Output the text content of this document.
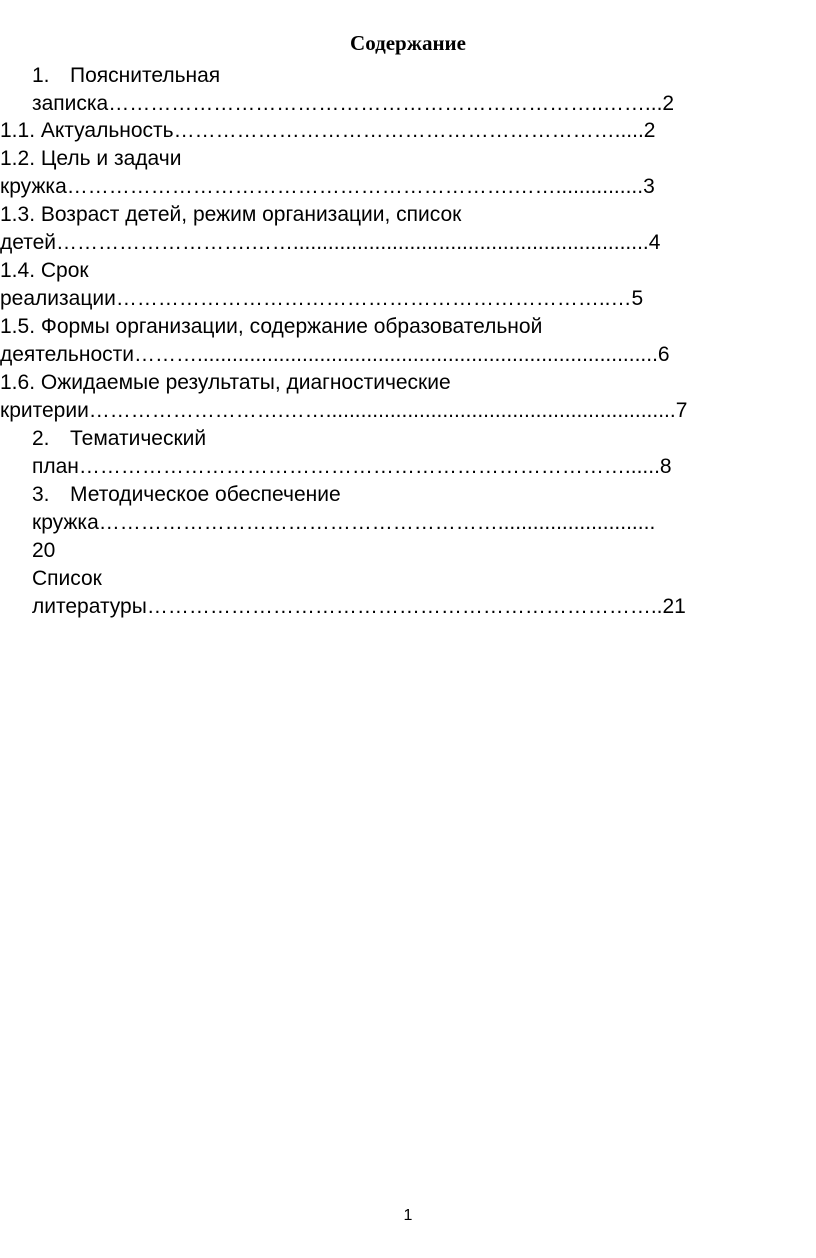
Содержание
1. Пояснительная
записка……………………………………………………………..……...2
1.1. Актуальность……………………………………………………….....2
1.2. Цель и задачи
кружка……………………………………………………….……...............3
1.3. Возраст детей, режим организации, список
детей……………………….…….............................................................4
1.4. Срок
реализации……………………………………………………………..…5
1.5. Формы организации, содержание образовательной
деятельности………...............................................................................6
1.6. Ожидаемые результаты, диагностические
критерии……………………….……............................................................7
2. Тематический
план……………………………………………………………………......8
3. Методическое обеспечение
кружка…………………………………………………...........................
20
Список
литературы………………………………………………………………..21
1
